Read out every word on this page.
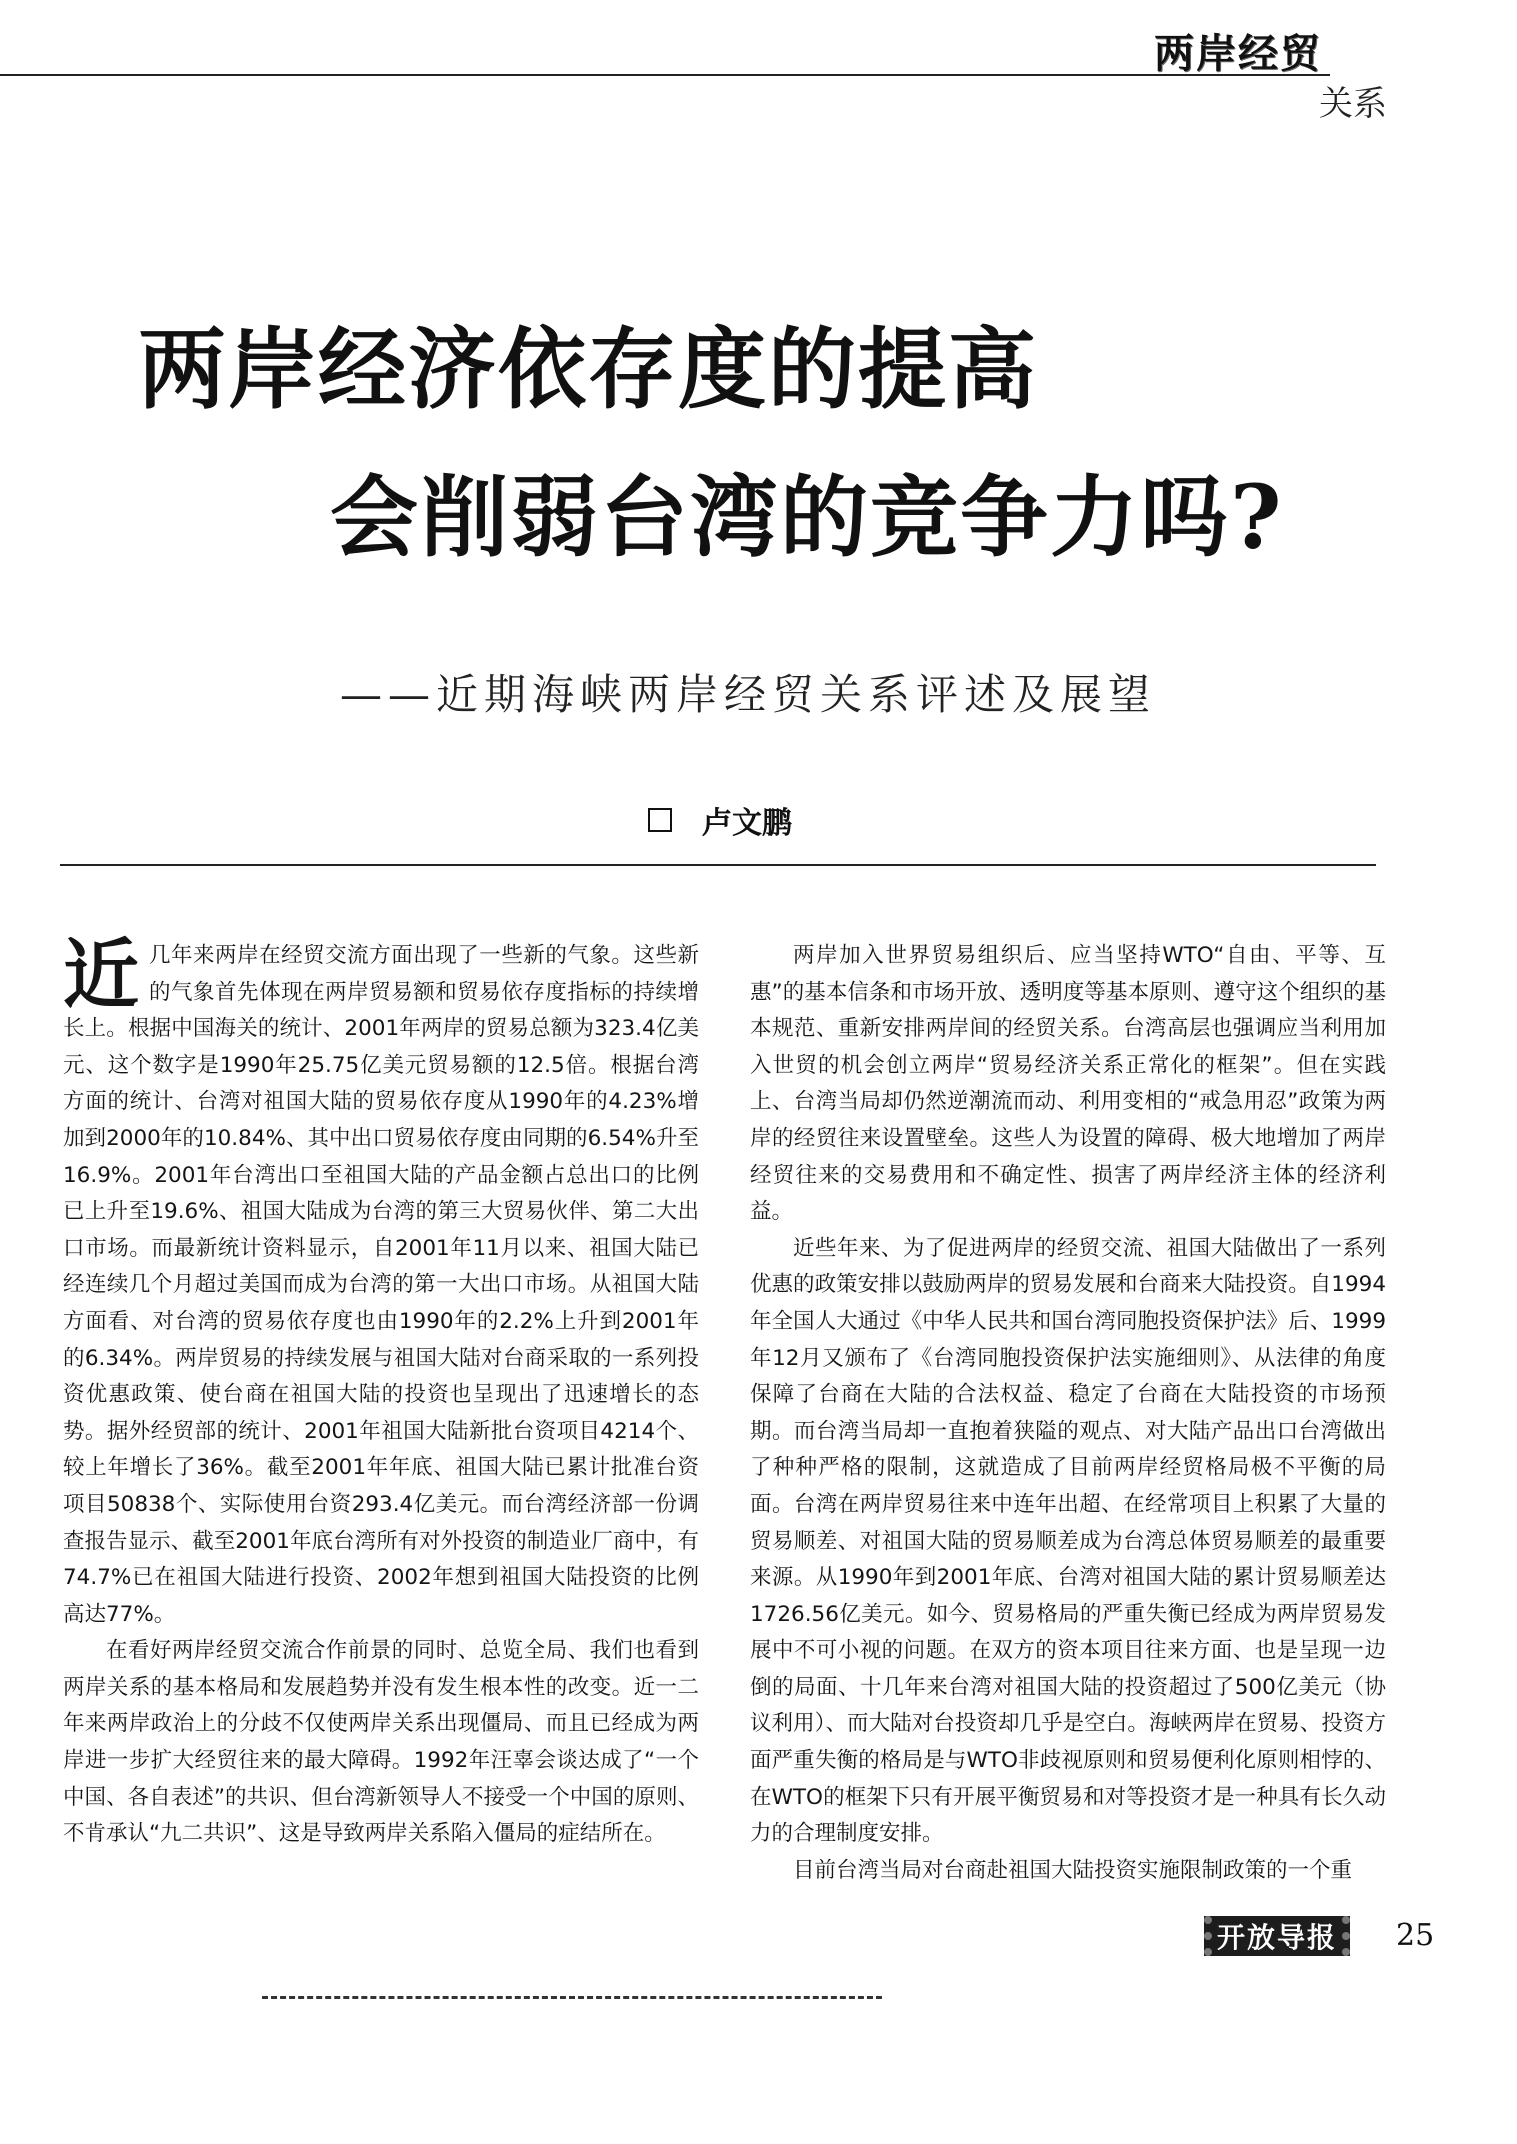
两岸经贸
关系
两岸经济依存度的提高
会削弱台湾的竞争力吗?
——近期海峡两岸经贸关系评述及展望
卢文鹏

近 几年来两岸在经贸交流方面出现了一些新的气象。这些新的气象首先体现在两岸贸易额和贸易依存度指标的持续增长上。根据中国海关的统计、2001年两岸的贸易总额为323.4亿美元、这个数字是1990年25.75亿美元贸易额的12.5倍。根据台湾方面的统计、台湾对祖国大陆的贸易依存度从1990年的4.23%增加到2000年的10.84%、其中出口贸易依存度由同期的6.54%升至16.9%。2001年台湾出口至祖国大陆的产品金额占总出口的比例已上升至19.6%、祖国大陆成为台湾的第三大贸易伙伴、第二大出口市场。而最新统计资料显示，自2001年11月以来、祖国大陆已经连续几个月超过美国而成为台湾的第一大出口市场。从祖国大陆方面看、对台湾的贸易依存度也由1990年的2.2%上升到2001年的6.34%。两岸贸易的持续发展与祖国大陆对台商采取的一系列投资优惠政策、使台商在祖国大陆的投资也呈现出了迅速增长的态势。据外经贸部的统计、2001年祖国大陆新批台资项目4214个、较上年增长了36%。截至2001年年底、祖国大陆已累计批准台资项目50838个、实际使用台资293.4亿美元。而台湾经济部一份调查报告显示、截至2001年底台湾所有对外投资的制造业厂商中，有74.7%已在祖国大陆进行投资、2002年想到祖国大陆投资的比例高达77%。

在看好两岸经贸交流合作前景的同时、总览全局、我们也看到两岸关系的基本格局和发展趋势并没有发生根本性的改变。近一二年来两岸政治上的分歧不仅使两岸关系出现僵局、而且已经成为两岸进一步扩大经贸往来的最大障碍。1992年汪辜会谈达成了“一个中国、各自表述”的共识、但台湾新领导人不接受一个中国的原则、不肯承认“九二共识”、这是导致两岸关系陷入僵局的症结所在。

两岸加入世界贸易组织后、应当坚持WTO“自由、平等、互惠”的基本信条和市场开放、透明度等基本原则、遵守这个组织的基本规范、重新安排两岸间的经贸关系。台湾高层也强调应当利用加入世贸的机会创立两岸“贸易经济关系正常化的框架”。但在实践上、台湾当局却仍然逆潮流而动、利用变相的“戒急用忍”政策为两岸的经贸往来设置壁垒。这些人为设置的障碍、极大地增加了两岸经贸往来的交易费用和不确定性、损害了两岸经济主体的经济利益。

近些年来、为了促进两岸的经贸交流、祖国大陆做出了一系列优惠的政策安排以鼓励两岸的贸易发展和台商来大陆投资。自1994年全国人大通过《中华人民共和国台湾同胞投资保护法》后、1999年12月又颁布了《台湾同胞投资保护法实施细则》、从法律的角度保障了台商在大陆的合法权益、稳定了台商在大陆投资的市场预期。而台湾当局却一直抱着狭隘的观点、对大陆产品出口台湾做出了种种严格的限制，这就造成了目前两岸经贸格局极不平衡的局面。台湾在两岸贸易往来中连年出超、在经常项目上积累了大量的贸易顺差、对祖国大陆的贸易顺差成为台湾总体贸易顺差的最重要来源。从1990年到2001年底、台湾对祖国大陆的累计贸易顺差达1726.56亿美元。如今、贸易格局的严重失衡已经成为两岸贸易发展中不可小视的问题。在双方的资本项目往来方面、也是呈现一边倒的局面、十几年来台湾对祖国大陆的投资超过了500亿美元（协议利用）、而大陆对台投资却几乎是空白。海峡两岸在贸易、投资方面严重失衡的格局是与WTO非歧视原则和贸易便利化原则相悖的、在WTO的框架下只有开展平衡贸易和对等投资才是一种具有长久动力的合理制度安排。

目前台湾当局对台商赴祖国大陆投资实施限制政策的一个重

开放导报	25
